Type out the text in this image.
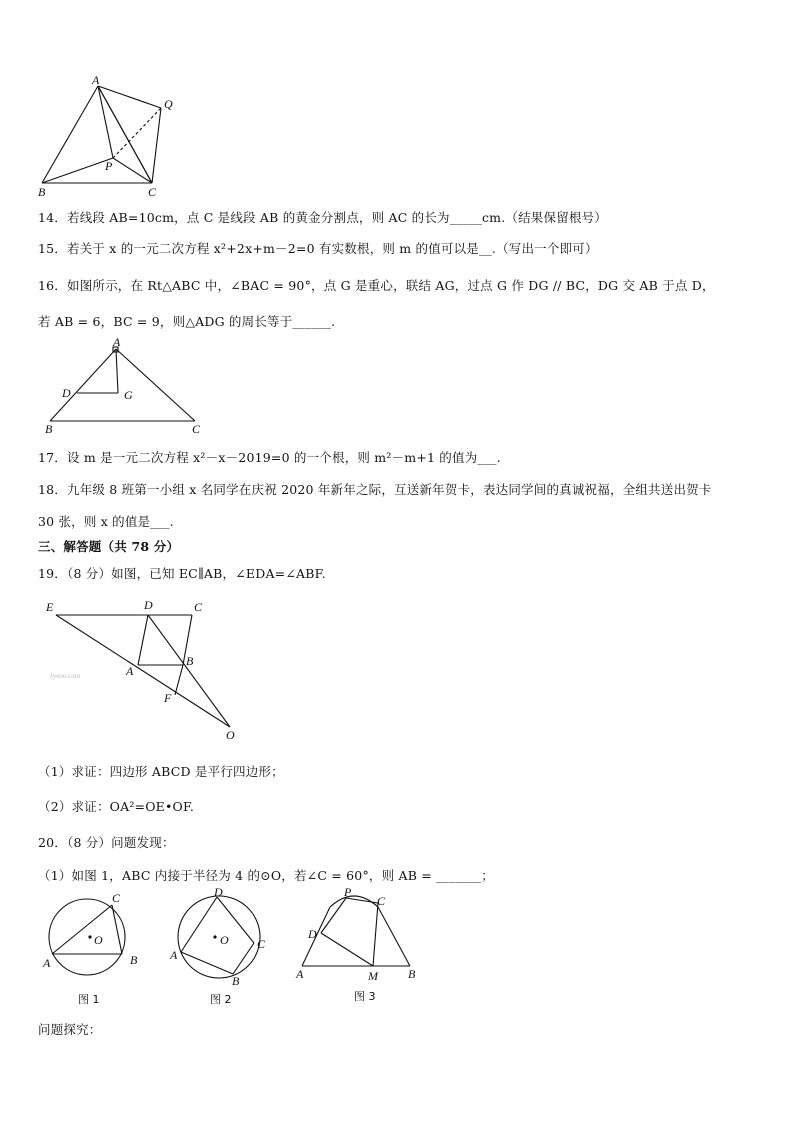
A
Q
P
B	C
14．若线段 AB=10cm，点 C 是线段 AB 的黄金分割点，则 AC 的长为_____cm.（结果保留根号）
15．若关于 x 的一元二次方程 x²+2x+m－2=0 有实数根，则 m 的值可以是__.（写出一个即可）
16．如图所示，在 Rt△ABC 中，∠BAC = 90°，点 G 是重心，联结 AG，过点 G 作 DG // BC，DG 交 AB 于点 D，
若 AB = 6，BC = 9，则△ADG 的周长等于______.
A
D	G
B	C
17．设 m 是一元二次方程 x²－x－2019=0 的一个根，则 m²－m+1 的值为___.
18．九年级 8 班第一小组 x 名同学在庆祝 2020 年新年之际，互送新年贺卡，表达同学间的真诚祝福，全组共送出贺卡
30 张，则 x 的值是___.
三、解答题（共 78 分）
19．（8 分）如图，已知 EC∥AB，∠EDA=∠ABF.
E	D	C
A
B
F
O
Jyeoo.com
（1）求证：四边形 ABCD 是平行四边形；
（2）求证：OA²=OE•OF.
20．（8 分）问题发现：
（1）如图 1，ABC 内接于半径为 4 的⊙O，若∠C = 60°，则 AB = _______；
O
A	B
C
图 1
O
D
C
A
B
图 2
P
C
D
A	M	B
图 3
问题探究：
